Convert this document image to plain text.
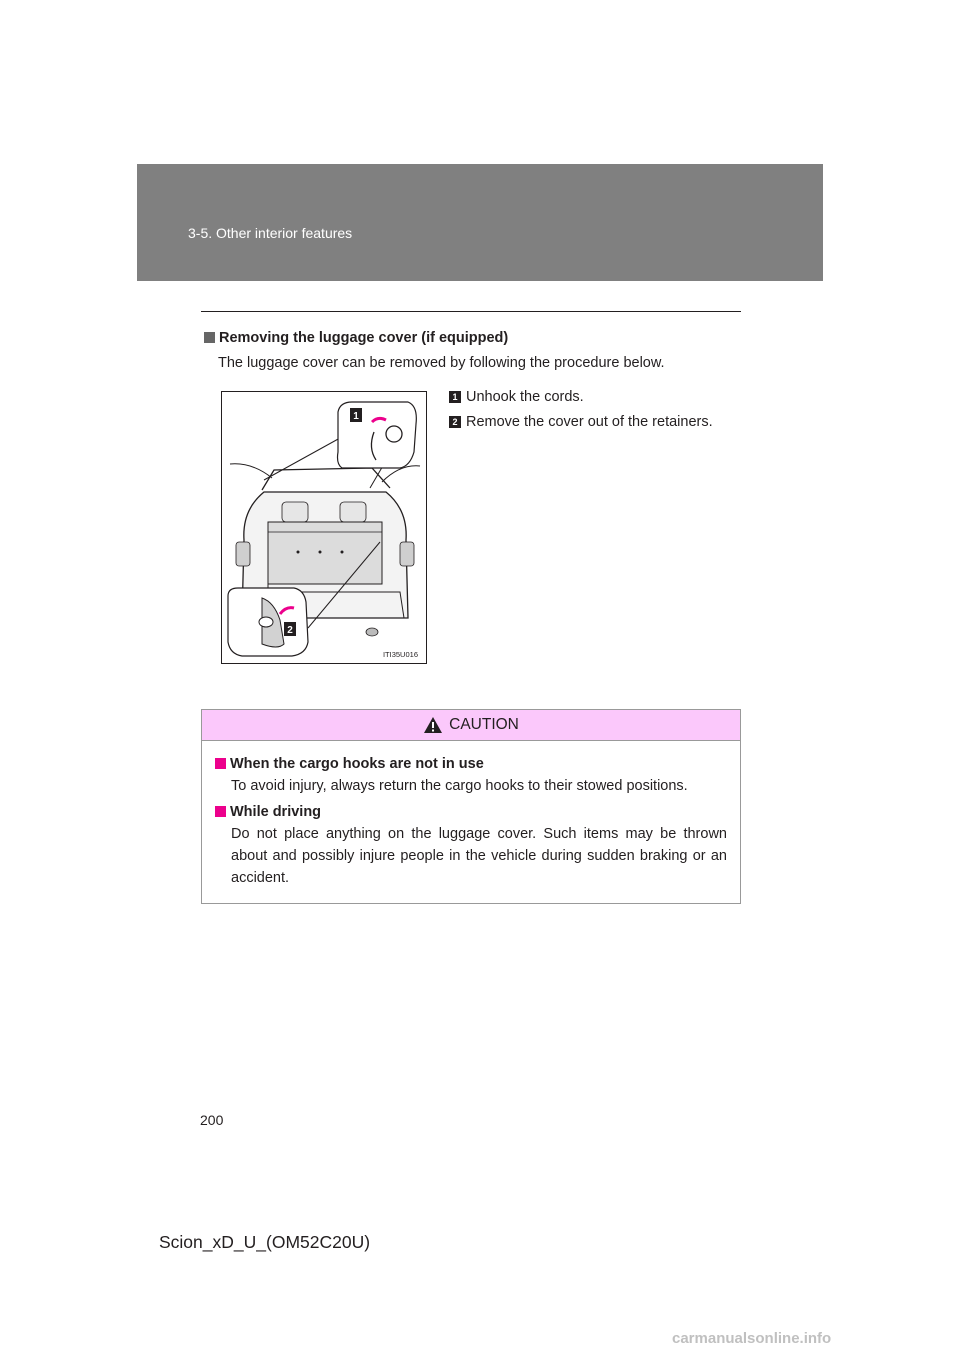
3-5. Other interior features
Removing the luggage cover (if equipped)
The luggage cover can be removed by following the procedure below.
1
2
ITI35U016
1 Unhook the cords.
2 Remove the cover out of the retainers.
CAUTION
When the cargo hooks are not in use
To avoid injury, always return the cargo hooks to their stowed positions.
While driving
Do not place anything on the luggage cover. Such items may be thrown about and possibly injure people in the vehicle during sudden braking or an accident.
200
Scion_xD_U_(OM52C20U)
carmanualsonline.info
